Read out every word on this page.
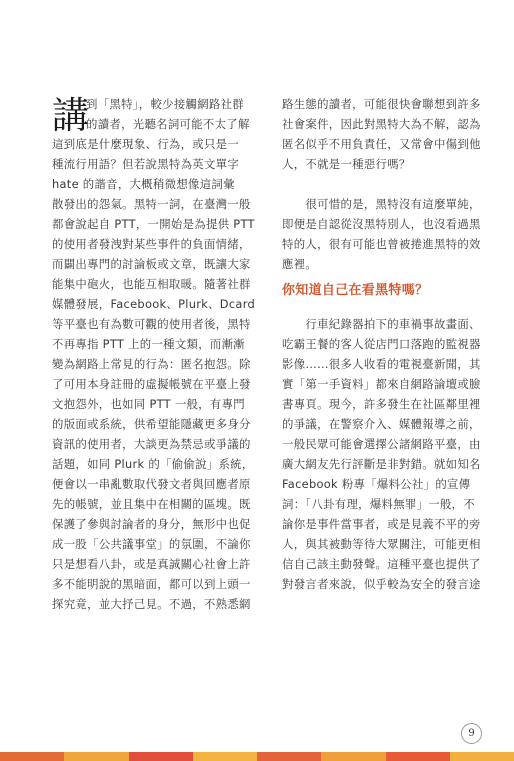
講
到「黑特」，較少接觸網路社群
的讀者，光聽名詞可能不太了解
這到底是什麼現象、行為，或只是一
種流行用語？但若說黑特為英文單字
hate 的諧音，大概稍微想像這詞彙
散發出的怨氣。黑特一詞，在臺灣一般
都會說起自 PTT，一開始是為提供 PTT
的使用者發洩對某些事件的負面情緒，
而闢出專門的討論板或文章，既讓大家
能集中砲火，也能互相取暖。隨著社群
媒體發展，Facebook、Plurk、Dcard
等平臺也有為數可觀的使用者後，黑特
不再專指 PTT 上的一種文類，而漸漸
變為網路上常見的行為：匿名抱怨。除
了可用本身註冊的虛擬帳號在平臺上發
文抱怨外，也如同 PTT 一般，有專門
的版面或系統，供希望能隱藏更多身分
資訊的使用者，大談更為禁忌或爭議的
話題，如同 Plurk 的「偷偷說」系統，
便會以一串亂數取代發文者與回應者原
先的帳號，並且集中在相關的區塊。既
保護了參與討論者的身分，無形中也促
成一股「公共議事堂」的氛圍，不論你
只是想看八卦，或是真誠關心社會上許
多不能明說的黑暗面，都可以到上頭一
探究竟，並大抒己見。不過，不熟悉網
路生態的讀者，可能很快會聯想到許多
社會案件，因此對黑特大為不解，認為
匿名似乎不用負責任，又常會中傷到他
人，不就是一種惡行嗎？
　　很可惜的是，黑特沒有這麼單純，
即便是自認從沒黑特別人，也沒看過黑
特的人，很有可能也曾被捲進黑特的效
應裡。
你知道自己在看黑特嗎？
　　行車紀錄器拍下的車禍事故畫面、
吃霸王餐的客人從店門口落跑的監視器
影像……很多人收看的電視臺新聞，其
實「第一手資料」都來自網路論壇或臉
書專頁。現今，許多發生在社區鄰里裡
的爭議，在警察介入、媒體報導之前，
一般民眾可能會選擇公諸網路平臺，由
廣大網友先行評斷是非對錯。就如知名
Facebook 粉專「爆料公社」的宣傳
詞：「八卦有理，爆料無罪」一般，不
論你是事件當事者，或是見義不平的旁
人，與其被動等待大眾關注，可能更相
信自己該主動發聲。這種平臺也提供了
對發言者來說，似乎較為安全的發言途
9
